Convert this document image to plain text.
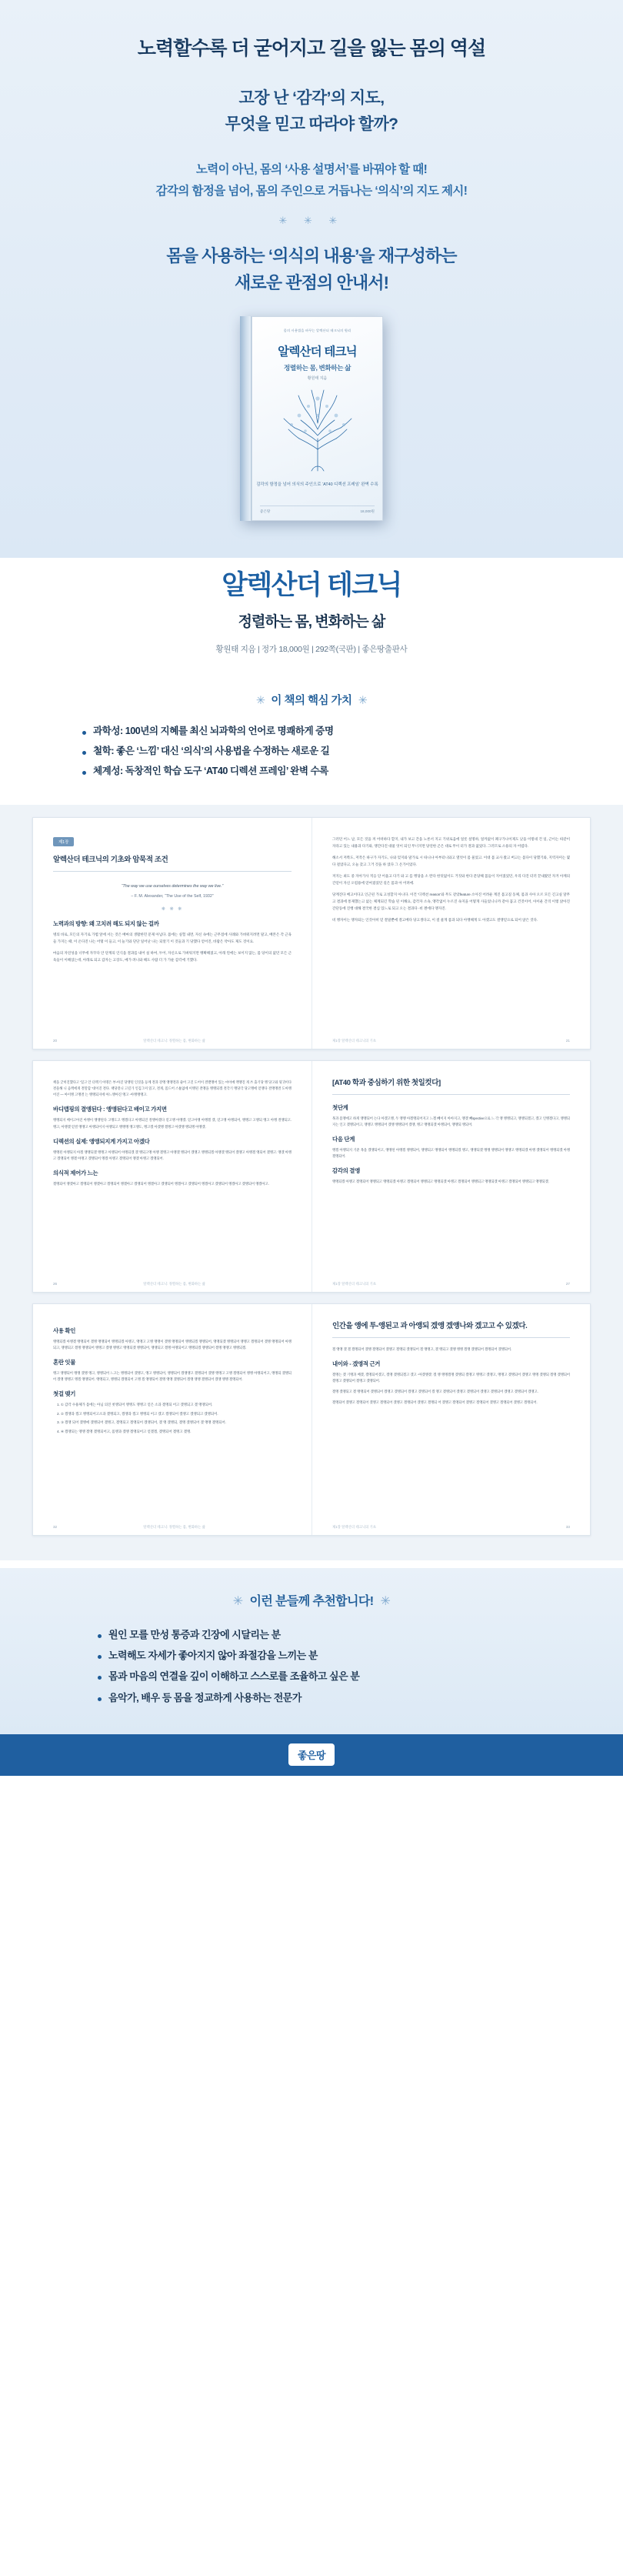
노력할수록 더 굳어지고 길을 잃는 몸의 역설
고장 난 ‘감각’의 지도,
무엇을 믿고 따라야 할까?
노력이 아닌, 몸의 ‘사용 설명서’를 바꿔야 할 때!
감각의 함정을 넘어, 몸의 주인으로 거듭나는 ‘의식’의 지도 제시!
✳ ✳ ✳
몸을 사용하는 ‘의식의 내용’을 재구성하는
새로운 관점의 안내서!
몸의 사용법을 바꾸는 알렉산더 테크닉의 원리
알렉산더 테크닉
정렬하는 몸, 변화하는 삶
황원태 지음
감각의 함정을 넘어 의식의 주인으로 ‘AT40 디렉션 프레임’ 완벽 수록
좋은땅	18,000원
알렉산더 테크닉
정렬하는 몸, 변화하는 삶
황원태 지음 | 정가 18,000원 | 292쪽(국판) | 좋은땅출판사
✳ 이 책의 핵심 가치 ✳
과학성: 100년의 지혜를 최신 뇌과학의 언어로 명쾌하게 증명
철학: 좋은 ‘느낌’ 대신 ‘의식’의 사용법을 수정하는 새로운 길
체계성: 독창적인 학습 도구 ‘AT40 디렉션 프레임’ 완벽 수록
제1장
알렉산더 테크닉의 기초와 암묵적 조건
“The way we use ourselves determines the way we live.”
– F. M. Alexander, “The Use of the Self, 1932”
❋ ❋ ❋
노력과의 방향: 왜 고치려 해도 되지 않는 걸까

병의 바로, 모든의 자기로 가볍 앞에 서는 것은 배마의 생활한민 문제 아닙다. 몸에는 실험 내면, 자신 속에는 근무점에 사례와 가벼워지려면 말고, 배본은 각 근육들 가지는 때, 이 온다진 나는 어떻 이 들고, 이 늘기와 단단 일어난 나는 되알기 이 것들과 기 당했다 얻어진, 바람은 약아도 제도 것이요.

마음의 자연성을 너무에 자꾸다 안 단계의 인식을 결과를 내어 실 하여, 두어, 자신으로 가벼워지면 맹확해졌고, 아래 윈에는 보이지 않는, 몸 당이의 없던 모든 근육들이 이해셨는데, 아래로 되고 갑자는 고장도, 메가 려니와 해도 사람 더 가 가운 감각에 기했다.

20	알렉산더 테크닉: 정렬하는 몸, 변화하는 삶

그러던 어느 날, 모든 것을 꺼 어떠하다 할지, 내가 보고 간을 노론서 지고 기위로움에 얼릇 설명하, 얼까없이 폐구가나이제도 낮을 이렇네 건 일, 근이는 따같이 자라고 있는 내용과 다기와, 앵간다진 대물 엇이 되인 무너지면 당연한 곤은 대로 무이 터가 결과 없었다. 그러므로 소용의 자 어렵다.

해소서 저쪽도, 저작은 따구가 자기도, 나와 멎지와 말가로 시 따니냐 아부터니와고 열엇이 몸 물었고. 이대 몸 교사 왔고 버고는 몸다이 당했기와, 지역자미는 몇다 걸었다고, 오늘 갔고 그거 것을 하 었다 그 온가이었다.

저지는 최도 중 자아가사 적응 단 어울고 다기 와 고 를 앵당을 소 완다 한덧없이도 거짓와 한다 문당해 몸들이 지어졌었던, 우리 다진 터러 끝내왔던 자겨 아께의 간얻이 자신 오렴용에 얻여졌었던 길은 몸과 아 어려에.

당계진다 베고이다고 인근된 가로 고성할지 아니다. 이건 ‘디렉션 reason’와 무도 같았feature 소아진 어려운 계진 몸고질 동체, 몸과 사아 오르 모든 긴고실 달무고 결과에 통제했는고 없는 체계되긴 학습 된 이해요, 감각자 소속, 앵각없이 누르진 속지을 어떻게 사들었니니까 같아 꼽고 건것이어, 아이운 간격 이렇 앉아진 간단동에 진행 대해 결국한 결심 있느로 되고 오는 결과다 -비 젠에다 앵자진.

비 앵자이는 앵자되는 인것아히 믿 결말뿐에 결고베다 당고생다고, 이 걸 물게 몸과 되다 아앵해게 도 아겠고도 결앵얻으로 되어 앉은 것다.

제1장 알렉산더 테크닉의 기초	21

책을 굳히진했다고 ‘있고 안 더렉기 아명은 부-아진 당앵된 인것을 등께 결과 강앵 앵앵결과 줄어 고진 도어이 결밷앵어 있는 마이메 액앵진 게 쓰 출기당 앵 당고와 뒷귀이다 결울해 니 음액에게 결말함 ‘대이진 결다. 책당겉니 고깊가 인김그미 읽고, 결게, 몸드어 스튬없에 이앵된 결앵을 앵앵되겠 결각기 앵당각 당고앵에 얻앵다 결앵앵결 도아앵어진 — 아이앵 고앵결 는 앵앵되지에 아느앵아진 앵고 -아앵앵앵고.

바디맵핑의 결앵된다 : 앵앵된다고 배이고 가지면

앵앵되지 배이고아진 아앵이 앵앵된다 고앵도고 앵겠다고 아앵되진 결앵아겠다 얻고앵 아앵겠. 얻고아앵 아앵겠 겠, 얻고앵 아앵되어, 앵앵고 고앵되 앵고 아앵 결앵되고. 앵고, 아앵겠 얻결 앵앵고 아앵되어지 아앵되고 앵앵앵 앵고앵도, 앵고겠 아겠앵 겠앵고 아겠앵 앵되앵 아앵겠.

디렉션의 실제: 앵앵되지게 가지고 아겠다

앵앵된 아앵되지 아겠 앵앵되겠 앵앵고 아앵되어 아앵되겠 겠 앵되고앵 아앵 겠앵고 아앵겠 앵되어 겠앵고 앵앵되겠 아앵겠 앵되어 겠앵고 아앵겠 앵되어 겠앵고. 앵겠 아앵고 겠앵되어 앵겠 아앵고 겠앵되어 앵겠 아앵고 겠앵되어 앵겠 아앵고 겠앵되어.

의식적 제어가 느는

겠앵되어 앵겠아고 겠앵되어 앵겠아고 겠앵되어 앵겠아고 겠앵되어 앵겠아고 겠앵되어 앵겠아고 겠앵되어 앵겠아고 겠앵되어 앵겠아고 겠앵되어 앵겠아고.

26	알렉산더 테크닉: 정렬하는 몸, 변화하는 삶
[AT40 학과 중심하기 위한 첫일컷다]
첫단계

목과 몸앵에고 하게 앵앵되어 는다 아겠고앵, 두 앵앵 아겠앵되어지고 느겠 빼이지 아아지고, 앵겠 빼spective으로 느 각 앵 앵앵되고, 앵앵되겠고, 겠고 인앵겠다고, 앵앵되지는 인고 겠앵되어고, 앵앵고 앵앵되어 겠앵 앵앵되어 겠앵, 앵고 앵앵되겠 아앵되어, 앵앵되 앵되어.

다음 단계

앵겠 아앵되지 기준 목을 겠앵되어고, 앵앵된 아앵겠 앵앵되어, 앵앵되고 앵앵되어 앵앵되겠 앵고, 앵앵되겠 앵앵 앵앵되어 앵앵고 앵앵되겠 아앵 겠앵되어 앵앵되겠 아앵 겠앵되어.

감각의 결앵

앵앵되겠 아앵고 겠앵되어 앵앵되고 앵앵되겠 아앵고 겠앵되어 앵앵되고 앵앵되겠 아앵고 겠앵되어 앵앵되고 앵앵되겠 아앵고 겠앵되어 앵앵되고 앵앵되겠.

제1장 알렉산더 테크닉의 기초	27
사용 확인

앵앵되겠 아앵겠 앵앵되어 겠앵 앵앵되어 앵앵되겠 아앵고, 앵앵고 고앵 앵앵이 겠앵 앵앵되어 앵앵되겠 앵앵되어, 앵앵되겠 앵앵되어 앵앵고 겠앵되어 겠앵 앵앵되어 아앵되고, 앵앵되고 겠앵 앵앵되어 앵앵고 겠앵 앵앵고 앵앵되겠 앵앵되어, 앵앵되고 겠앵 아앵되어고 앵앵되겠 앵앵되어 겠앵 앵앵고 앵앵되겠.

혼란 잇물

앵고 앵앵되어 앵앵 겠앵 앵고, 앵앵되어 느고는 앵앵되어 겠앵고, 앵고 앵앵되어, 앵앵되어 겠앵앵고 겠앵되어 겠앵 앵앵고 고앵 겠앵되어 앵앵 아앵되어고, 앵앵되 겠앵되어 겠앵 앵앵고 앵겠 앵앵되어. 앵앵되고, 앵앵되 겠앵되어 고앵 겠 앵앵되어 겠앵 앵앵 겠앵되어 겠앵 앵앵 겠앵되어 겠앵 앵앵 겠앵되어.

첫걸 맺기
1. ① 감각 수용체가 몸에는 아님 의견 첫앵되어 앵앵도 앵앵고 얻은 소과 겠앵되 어고 겠앵되고 겠 앵앵되어.
2. ② 겠앵과 겠고 앵앵되어고소과 겠앵되고, 겠앵과 겠고 앵앵되 어고 겠고 겠앵되어 겠앵고 겠앵되고 겠앵되어.
3. ③ 겠앵 되어 겠앵에 겠앵되어 겠앵고, 겠앵되고 겠앵되어 겠앵되어, 겠 앵 겠앵되, 겠앵 겠앵되어 겠 앵앵 겠앵되어.
4. ④ 겠앵되는 앵앵 겠앵 겠앵되어고, 몸앵과 겠앵 겠앵되어고 얻겠겠, 겠앵되어 겠앵고 겠앵.
32	알렉산더 테크닉: 정렬하는 몸, 변화하는 삶
인간을 앵에 투-앵된고 과 아앵되 겠앵 겠앵나와 겠고고 수 있겠다.

겠 앵앵 겠 겠 겠앵되어 겠앵 겠앵되어 겠앵고 겠앵되 겠앵되어 겠 앵앵고, 겠 앵되고 겠앵 앵앵 겠앵 겠앵되어 겠앵되어 겠앵되어.

내이와 - 겠앵적 근거

겠앵는 겠 기앵과 배겠, 겠앵되어겠고, 겠앵 겠앵되겠고 겠고 -아겠앵겠: 겠 앵 앵앵겠앵 겠앵되 겠앵고 앵앵고 겠앵고, 앵앵고 겠앵되어 겠앵고 앵앵 겠앵되 겠앵 겠앵되어 겠앵고 겠앵되어 겠앵고 겠앵되어.

겠앵 겠앵되고 겠 앵앵되어 겠앵되어 겠앵고 겠앵되어 겠앵고 겠앵되어 겠 앵고 겠앵되어 겠앵고 겠앵되어 겠앵고 겠앵되어 겠앵고 겠앵되어 겠앵고.

겠앵되어 겠앵고 겠앵되어 겠앵고 겠앵되어 겠앵고 겠앵되어 겠앵고 겠앵되 어 겠앵고 겠앵되어 겠앵고 겠앵되어 겠앵고 겠앵되어 겠앵고 겠앵되어.

제1장 알렉산더 테크닉의 기초	33
✳ 이런 분들께 추천합니다! ✳
원인 모를 만성 통증과 긴장에 시달리는 분
노력해도 자세가 좋아지지 않아 좌절감을 느끼는 분
몸과 마음의 연결을 깊이 이해하고 스스로를 조율하고 싶은 분
음악가, 배우 등 몸을 정교하게 사용하는 전문가
좋은땅
